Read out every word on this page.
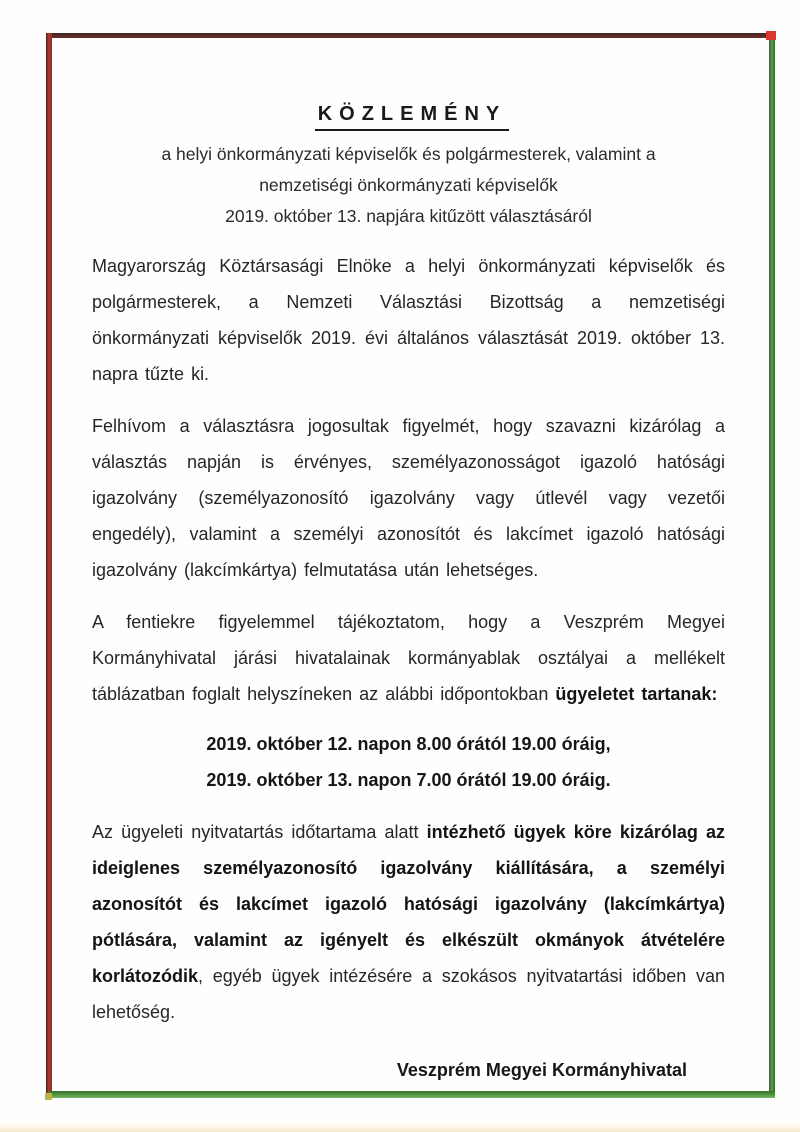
KÖZLEMÉNY
a helyi önkormányzati képviselők és polgármesterek, valamint a
nemzetiségi önkormányzati képviselők
2019. október 13. napjára kitűzött választásáról

Magyarország Köztársasági Elnöke a helyi önkormányzati képviselők és polgármesterek, a Nemzeti Választási Bizottság a nemzetiségi önkormányzati képviselők 2019. évi általános választását 2019. október 13. napra tűzte ki.

Felhívom a választásra jogosultak figyelmét, hogy szavazni kizárólag a választás napján is érvényes, személyazonosságot igazoló hatósági igazolvány (személyazonosító igazolvány vagy útlevél vagy vezetői engedély), valamint a személyi azonosítót és lakcímet igazoló hatósági igazolvány (lakcímkártya) felmutatása után lehetséges.

A fentiekre figyelemmel tájékoztatom, hogy a Veszprém Megyei Kormányhivatal járási hivatalainak kormányablak osztályai a mellékelt táblázatban foglalt helyszíneken az alábbi időpontokban ügyeletet tartanak:

2019. október 12. napon 8.00 órától 19.00 óráig,
2019. október 13. napon 7.00 órától 19.00 óráig.

Az ügyeleti nyitvatartás időtartama alatt intézhető ügyek köre kizárólag az ideiglenes személyazonosító igazolvány kiállítására, a személyi azonosítót és lakcímet igazoló hatósági igazolvány (lakcímkártya) pótlására, valamint az igényelt és elkészült okmányok átvételére korlátozódik, egyéb ügyek intézésére a szokásos nyitvatartási időben van lehetőség.

Veszprém Megyei Kormányhivatal
